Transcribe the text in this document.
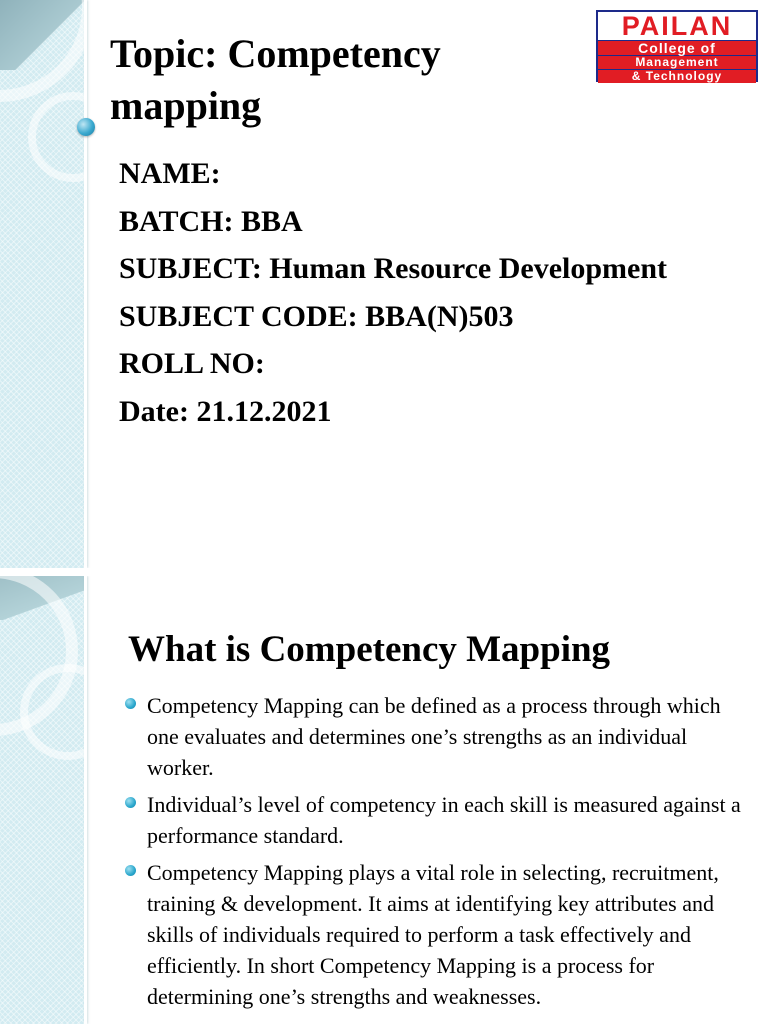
Topic: Competency mapping
PAILAN
College of
Management
& Technology
NAME:
BATCH: BBA
SUBJECT: Human Resource Development
SUBJECT CODE: BBA(N)503
ROLL NO:
Date: 21.12.2021
What is Competency Mapping
Competency Mapping can be defined as a process through which one evaluates and determines one’s strengths as an individual worker.
Individual’s level of competency in each skill is measured against a performance standard.
Competency Mapping plays a vital role in selecting, recruitment, training & development. It aims at identifying key attributes and skills of individuals required to perform a task effectively and efficiently. In short Competency Mapping is a process for determining one’s strengths and weaknesses.
